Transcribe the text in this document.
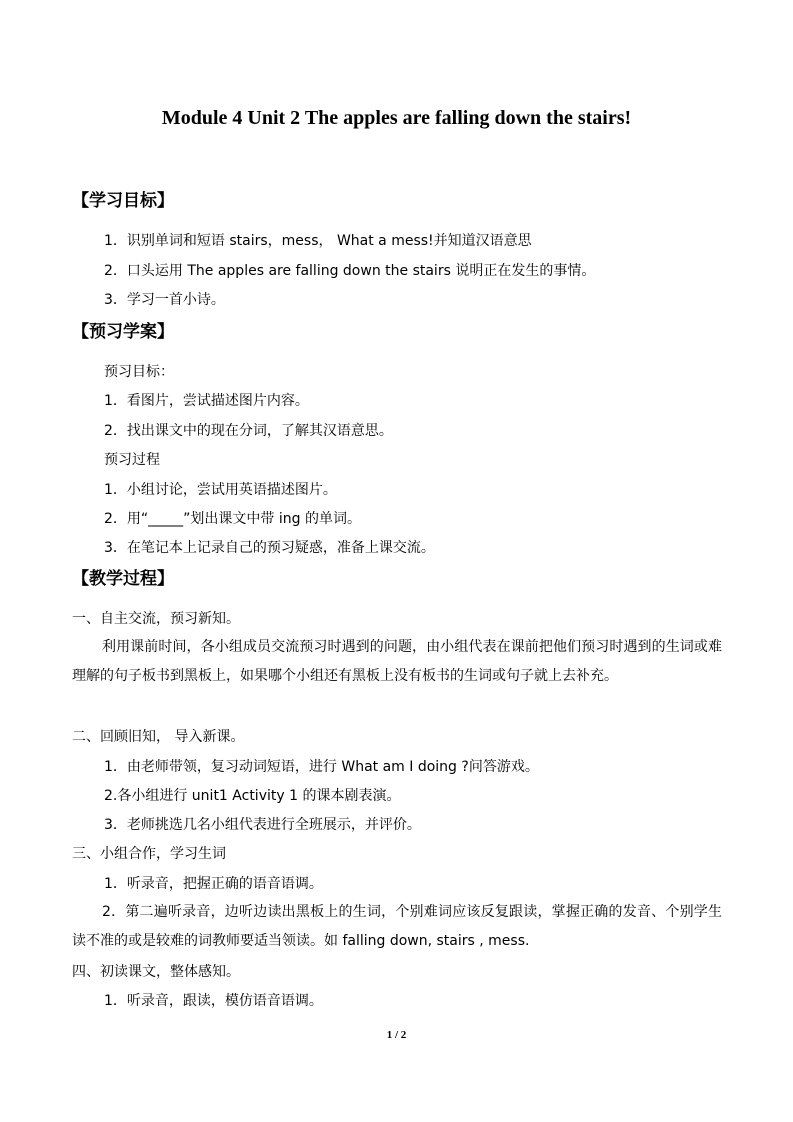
Module 4 Unit 2 The apples are falling down the stairs!
【学习目标】
1．识别单词和短语 stairs，mess， What a mess!并知道汉语意思
2．口头运用 The apples are falling down the stairs 说明正在发生的事情。
3．学习一首小诗。
【预习学案】
预习目标：
1．看图片，尝试描述图片内容。
2．找出课文中的现在分词，了解其汉语意思。
预习过程
1．小组讨论，尝试用英语描述图片。
2．用“_____”划出课文中带 ing 的单词。
3．在笔记本上记录自己的预习疑惑，准备上课交流。
【教学过程】
一、自主交流，预习新知。
利用课前时间，各小组成员交流预习时遇到的问题，由小组代表在课前把他们预习时遇到的生词或难理解的句子板书到黑板上，如果哪个小组还有黑板上没有板书的生词或句子就上去补充。
二、回顾旧知， 导入新课。
1．由老师带领，复习动词短语，进行 What am I doing ?问答游戏。
2.各小组进行 unit1 Activity 1 的课本剧表演。
3．老师挑选几名小组代表进行全班展示，并评价。
三、小组合作，学习生词
1．听录音，把握正确的语音语调。
2．第二遍听录音，边听边读出黑板上的生词，个别难词应该反复跟读，掌握正确的发音、个别学生读不准的或是较难的词教师要适当领读。如 falling down, stairs , mess.
四、初读课文，整体感知。
1．听录音，跟读，模仿语音语调。
1 / 2
